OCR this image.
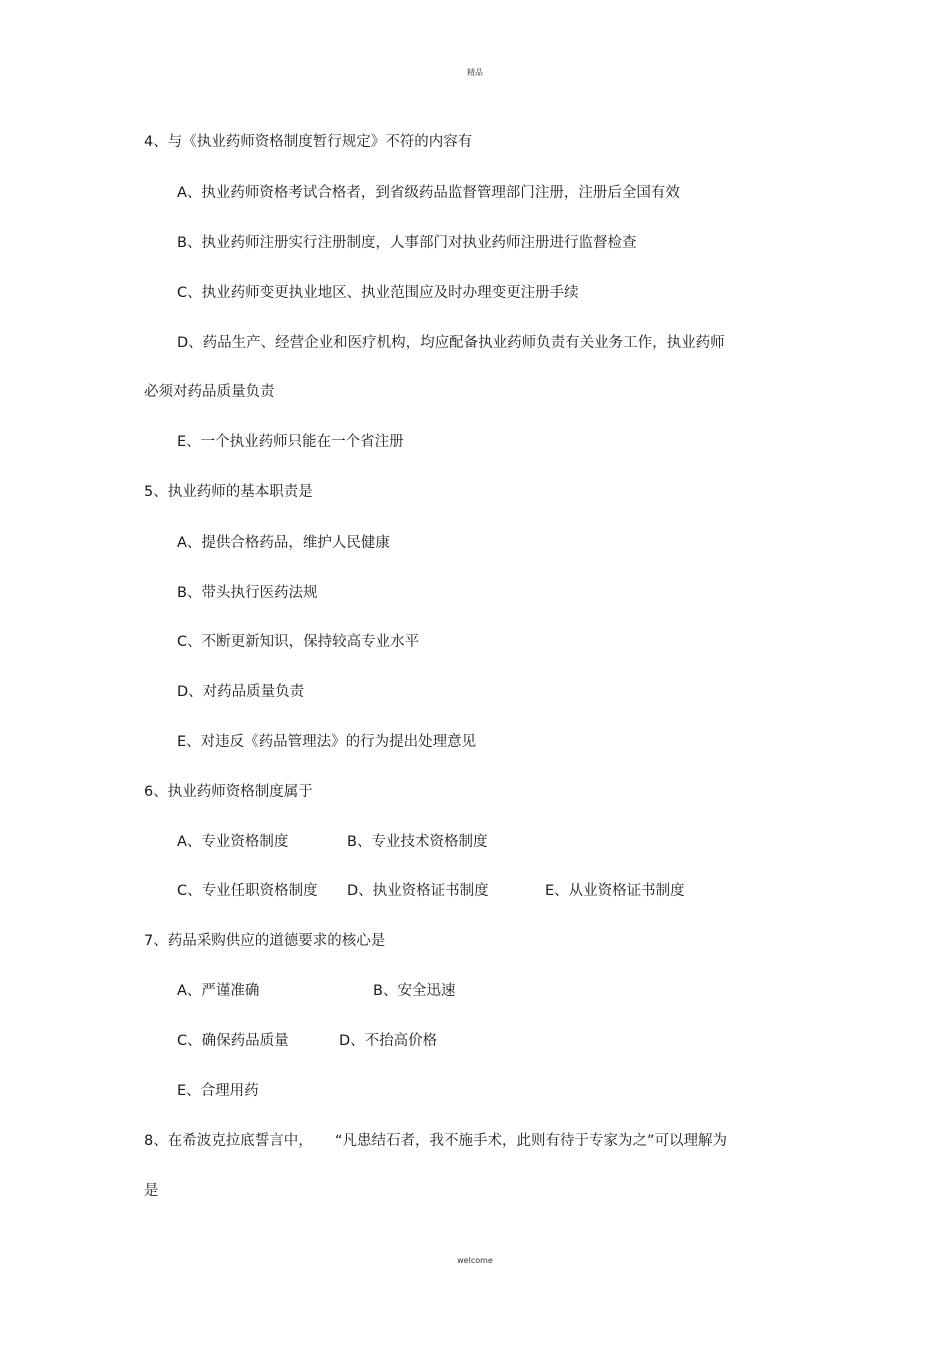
精品
4、与《执业药师资格制度暂行规定》不符的内容有
A、执业药师资格考试合格者，到省级药品监督管理部门注册，注册后全国有效
B、执业药师注册实行注册制度，人事部门对执业药师注册进行监督检查
C、执业药师变更执业地区、执业范围应及时办理变更注册手续
D、药品生产、经营企业和医疗机构，均应配备执业药师负责有关业务工作，执业药师
必须对药品质量负责
E、一个执业药师只能在一个省注册
5、执业药师的基本职责是
A、提供合格药品，维护人民健康
B、带头执行医药法规
C、不断更新知识，保持较高专业水平
D、对药品质量负责
E、对违反《药品管理法》的行为提出处理意见
6、执业药师资格制度属于
A、专业资格制度	B、专业技术资格制度
C、专业任职资格制度 D、执业资格证书制度	E、从业资格证书制度
7、药品采购供应的道德要求的核心是
A、严谨准确	B、安全迅速
C、确保药品质量	D、不抬高价格
E、合理用药
8、在希波克拉底誓言中， “凡患结石者，我不施手术，此则有待于专家为之”可以理解为
是
welcome
